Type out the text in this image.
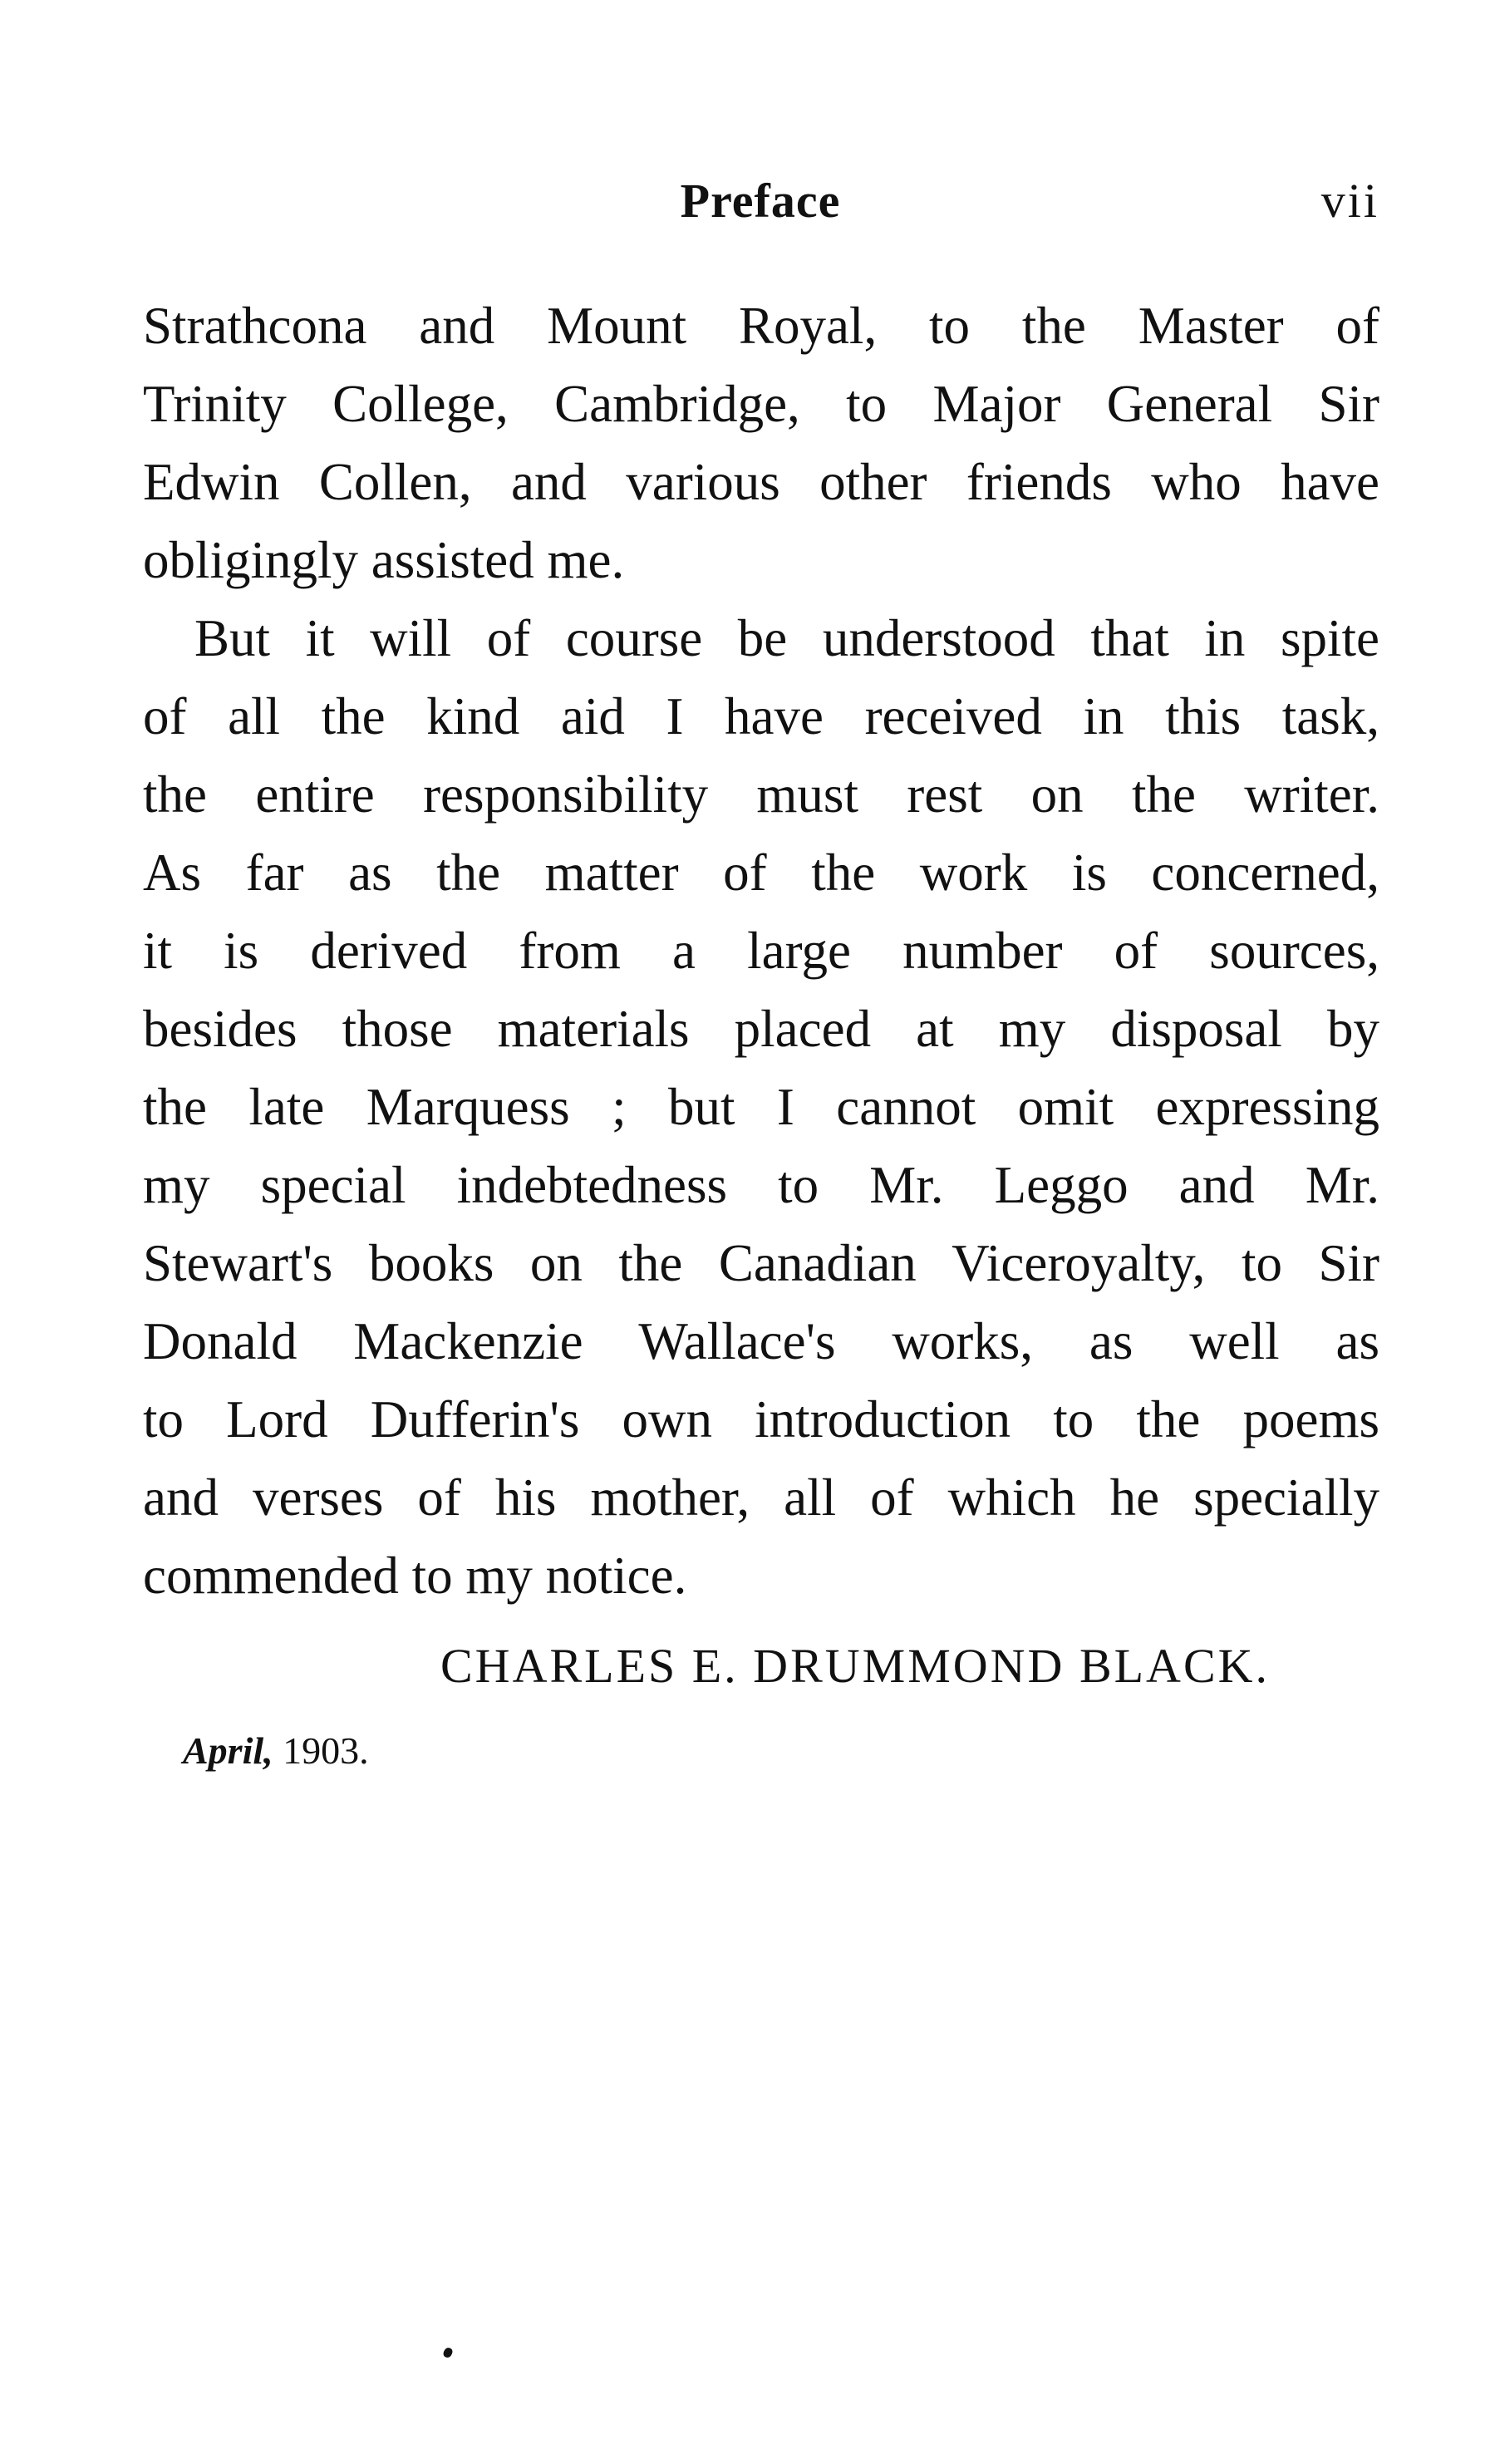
Preface	vii
Strathcona and Mount Royal, to the Master of
Trinity College, Cambridge, to Major General Sir
Edwin Collen, and various other friends who have
obligingly assisted me.
But it will of course be understood that in spite
of all the kind aid I have received in this task,
the entire responsibility must rest on the writer.
As far as the matter of the work is concerned,
it is derived from a large number of sources,
besides those materials placed at my disposal by
the late Marquess ; but I cannot omit expressing
my special indebtedness to Mr. Leggo and Mr.
Stewart's books on the Canadian Viceroyalty, to Sir
Donald Mackenzie Wallace's works, as well as
to Lord Dufferin's own introduction to the poems
and verses of his mother, all of which he specially
commended to my notice.
CHARLES E. DRUMMOND BLACK.
April, 1903.
